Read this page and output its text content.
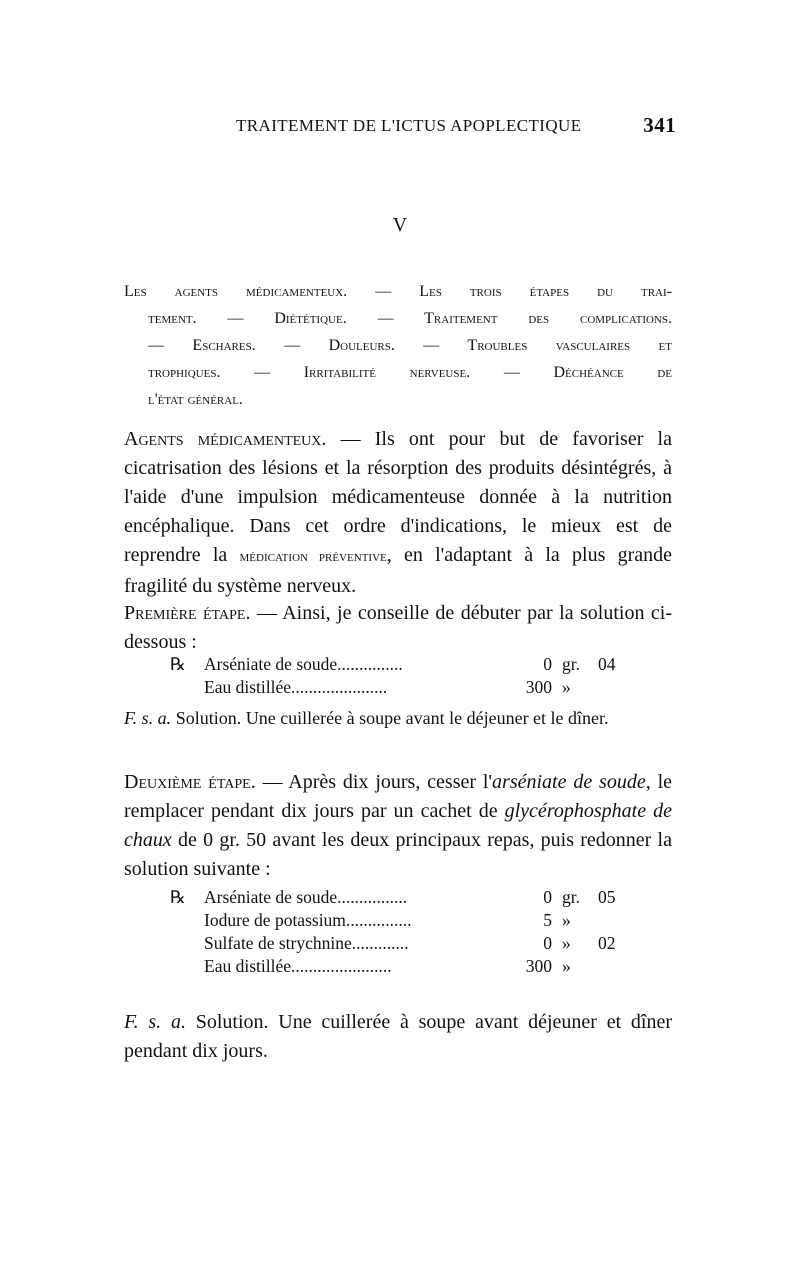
TRAITEMENT DE L'ICTUS APOPLECTIQUE	341
V
Les agents médicamenteux. — Les trois étapes du trai-
tement. — Diététique. — Traitement des complications.
— Eschares. — Douleurs. — Troubles vasculaires et
trophiques. — Irritabilité nerveuse. — Déchéance de
l'état général.

Agents médicamenteux. — Ils ont pour but de favoriser la cicatrisation des lésions et la résorption des produits désintégrés, à l'aide d'une impulsion médicamenteuse donnée à la nutrition encéphalique. Dans cet ordre d'indications, le mieux est de reprendre la médication préventive, en l'adaptant à la plus grande fragilité du système nerveux.

Première étape. — Ainsi, je conseille de débuter par la solution ci-dessous :

℞ Arséniate de soude...............	0 gr. 04
Eau distillée......................	300 »

F. s. a. Solution. Une cuillerée à soupe avant le déjeuner et le dîner.

Deuxième étape. — Après dix jours, cesser l'arséniate de soude, le remplacer pendant dix jours par un cachet de glycérophosphate de chaux de 0 gr. 50 avant les deux principaux repas, puis redonner la solution suivante :

℞ Arséniate de soude................	0 gr. 05
Iodure de potassium...............	5 »
Sulfate de strychnine.............	0 » 02
Eau distillée.......................	300 »

F. s. a. Solution. Une cuillerée à soupe avant déjeuner et dîner pendant dix jours.
